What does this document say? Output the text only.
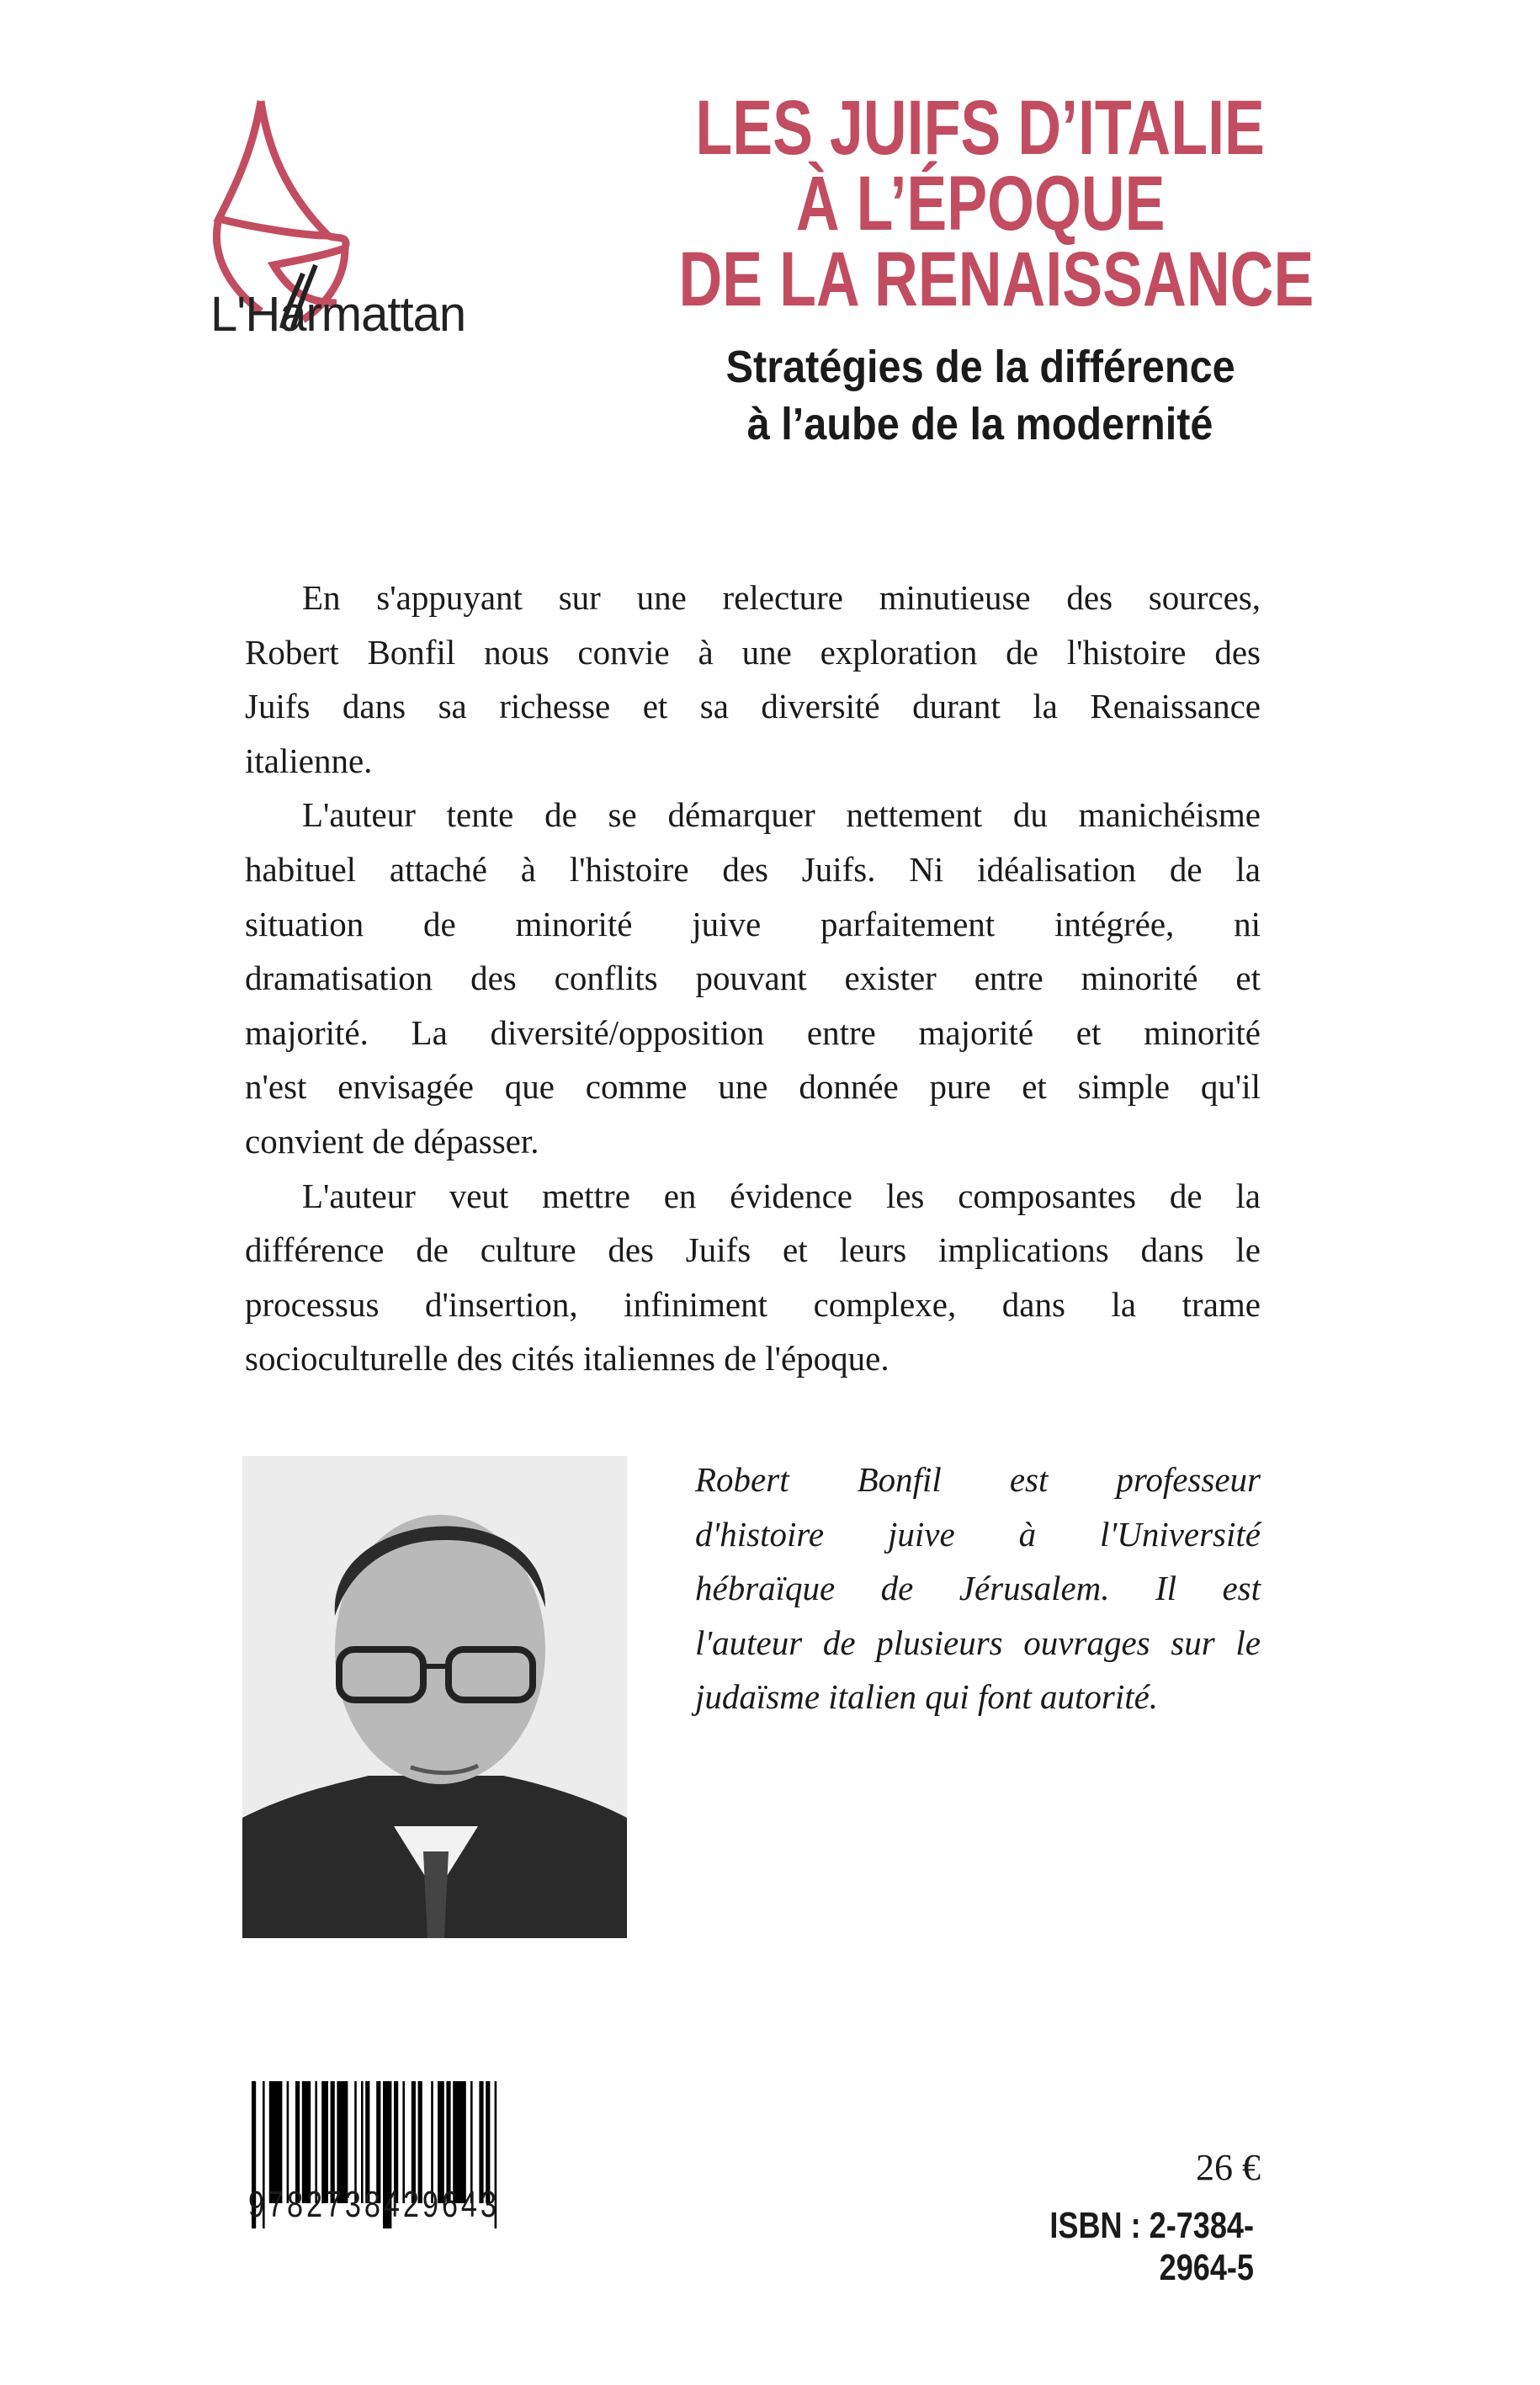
L'Harmattan
LES JUIFS D’ITALIE
À L’ÉPOQUE
DE LA RENAISSANCE
Stratégies de la différence
à l’aube de la modernité
En s'appuyant sur une relecture minutieuse des sources,
Robert Bonfil nous convie à une exploration de l'histoire des
Juifs dans sa richesse et sa diversité durant la Renaissance
italienne.
L'auteur tente de se démarquer nettement du manichéisme
habituel attaché à l'histoire des Juifs. Ni idéalisation de la
situation de minorité juive parfaitement intégrée, ni
dramatisation des conflits pouvant exister entre minorité et
majorité. La diversité/opposition entre majorité et minorité
n'est envisagée que comme une donnée pure et simple qu'il
convient de dépasser.
L'auteur veut mettre en évidence les composantes de la
différence de culture des Juifs et leurs implications dans le
processus d'insertion, infiniment complexe, dans la trame
socioculturelle des cités italiennes de l'époque.
Robert Bonfil est professeur
d'histoire juive à l'Université
hébraïque de Jérusalem. Il est
l'auteur de plusieurs ouvrages sur le
judaïsme italien qui font autorité.
9782738429643
26 €
ISBN : 2-7384-2964-5
